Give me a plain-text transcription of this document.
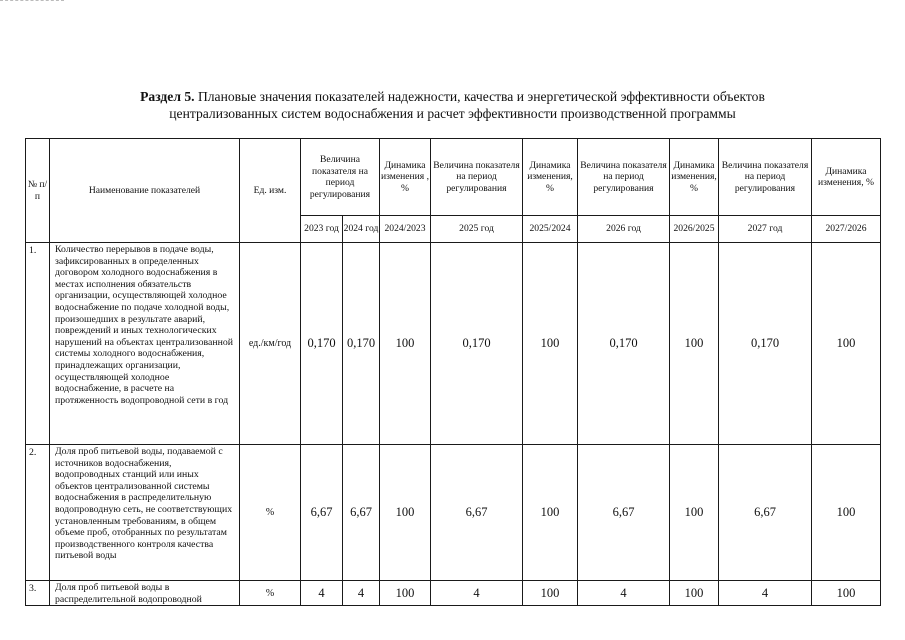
Раздел 5. Плановые значения показателей надежности, качества и энергетической эффективности объектов
централизованных систем водоснабжения и расчет эффективности производственной программы
№ п/п	Наименование показателей	Ед. изм.	Величина показателя на период регулирования		Динамика изменения , %	Величина показателя на период регулирования	Динамика изменения, %	Величина показателя на период регулирования	Динамика изменения, %	Величина показателя на период регулирования	Динамика изменения, %
			2023 год	2024 год	2024/2023	2025 год	2025/2024	2026 год	2026/2025	2027 год	2027/2026
1.	Количество перерывов в подаче воды, зафиксированных в определенных договором холодного водоснабжения в местах исполнения обязательств организации, осуществляющей холодное водоснабжение по подаче холодной воды, произошедших в результате аварий, повреждений и иных технологических нарушений на объектах централизованной системы холодного водоснабжения, принадлежащих организации, осуществляющей холодное водоснабжение, в расчете на протяженность водопроводной сети в год	ед./км/год	0,170	0,170	100	0,170	100	0,170	100	0,170	100
2.	Доля проб питьевой воды, подаваемой с источников водоснабжения, водопроводных станций или иных объектов централизованной системы водоснабжения в распределительную водопроводную сеть, не соответствующих установленным требованиям, в общем объеме проб, отобранных по результатам производственного контроля качества питьевой воды	%	6,67	6,67	100	6,67	100	6,67	100	6,67	100
3.	Доля проб питьевой воды в распределительной водопроводной	%	4	4	100	4	100	4	100	4	100
